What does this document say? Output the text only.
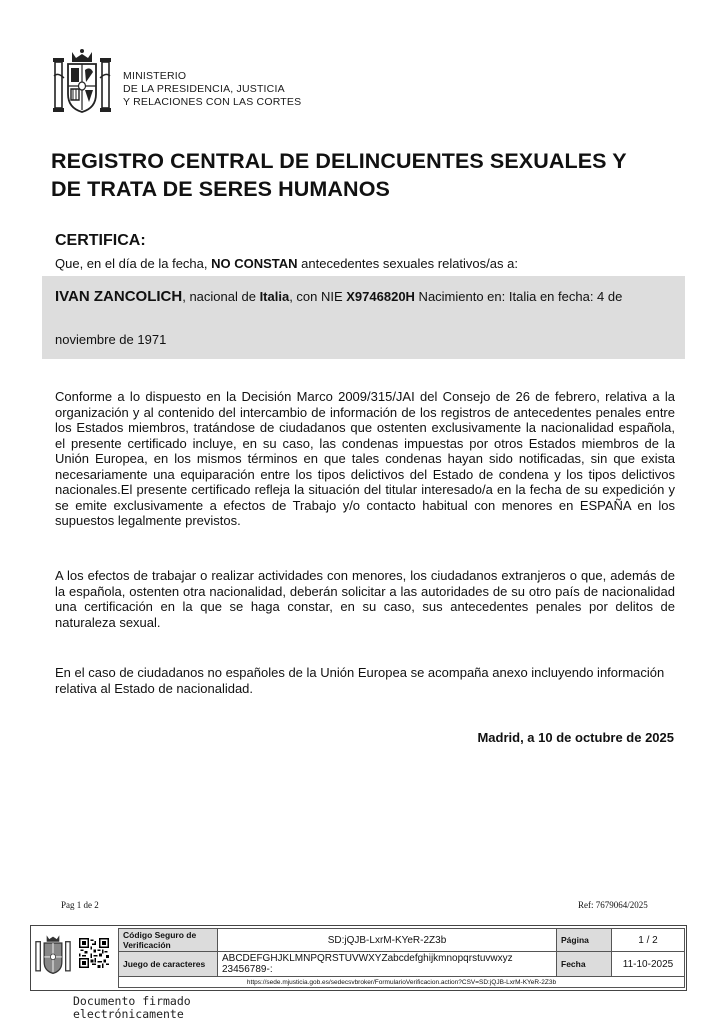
MINISTERIO
DE LA PRESIDENCIA, JUSTICIA
Y RELACIONES CON LAS CORTES
REGISTRO CENTRAL DE DELINCUENTES SEXUALES Y
DE TRATA DE SERES HUMANOS
CERTIFICA:
Que, en el día de la fecha, NO CONSTAN antecedentes sexuales relativos/as a:
IVAN ZANCOLICH, nacional de Italia, con NIE X9746820H Nacimiento en: Italia en fecha: 4 de
noviembre de 1971
Conforme a lo dispuesto en la Decisión Marco 2009/315/JAI del Consejo de 26 de febrero, relativa a la organización y al contenido del intercambio de información de los registros de antecedentes penales entre los Estados miembros, tratándose de ciudadanos que ostenten exclusivamente la nacionalidad española, el presente certificado incluye, en su caso, las condenas impuestas por otros Estados miembros de la Unión Europea, en los mismos términos en que tales condenas hayan sido notificadas, sin que exista necesariamente una equiparación entre los tipos delictivos del Estado de condena y los tipos delictivos nacionales.El presente certificado refleja la situación del titular interesado/a en la fecha de su expedición y se emite exclusivamente a efectos de Trabajo y/o contacto habitual con menores en ESPAÑA en los supuestos legalmente previstos.
A los efectos de trabajar o realizar actividades con menores, los ciudadanos extranjeros o que, además de la española, ostenten otra nacionalidad, deberán solicitar a las autoridades de su otro país de nacionalidad una certificación en la que se haga constar, en su caso, sus antecedentes penales por delitos de naturaleza sexual.
En el caso de ciudadanos no españoles de la Unión Europea se acompaña anexo incluyendo información relativa al Estado de nacionalidad.
Madrid, a 10 de octubre de 2025
Pag 1 de 2	Ref: 7679064/2025
Código Seguro de Verificación	SD:jQJB-LxrM-KYeR-2Z3b	Página	1 / 2
Juego de caracteres	ABCDEFGHJKLMNPQRSTUVWXYZabcdefghijkmnopqrstuvwxyz 23456789-:	Fecha	11-10-2025
https://sede.mjusticia.gob.es/sedecsvbroker/FormularioVerificacion.action?CSV=SD:jQJB-LxrM-KYeR-2Z3b			
Documento firmado
electrónicamente
